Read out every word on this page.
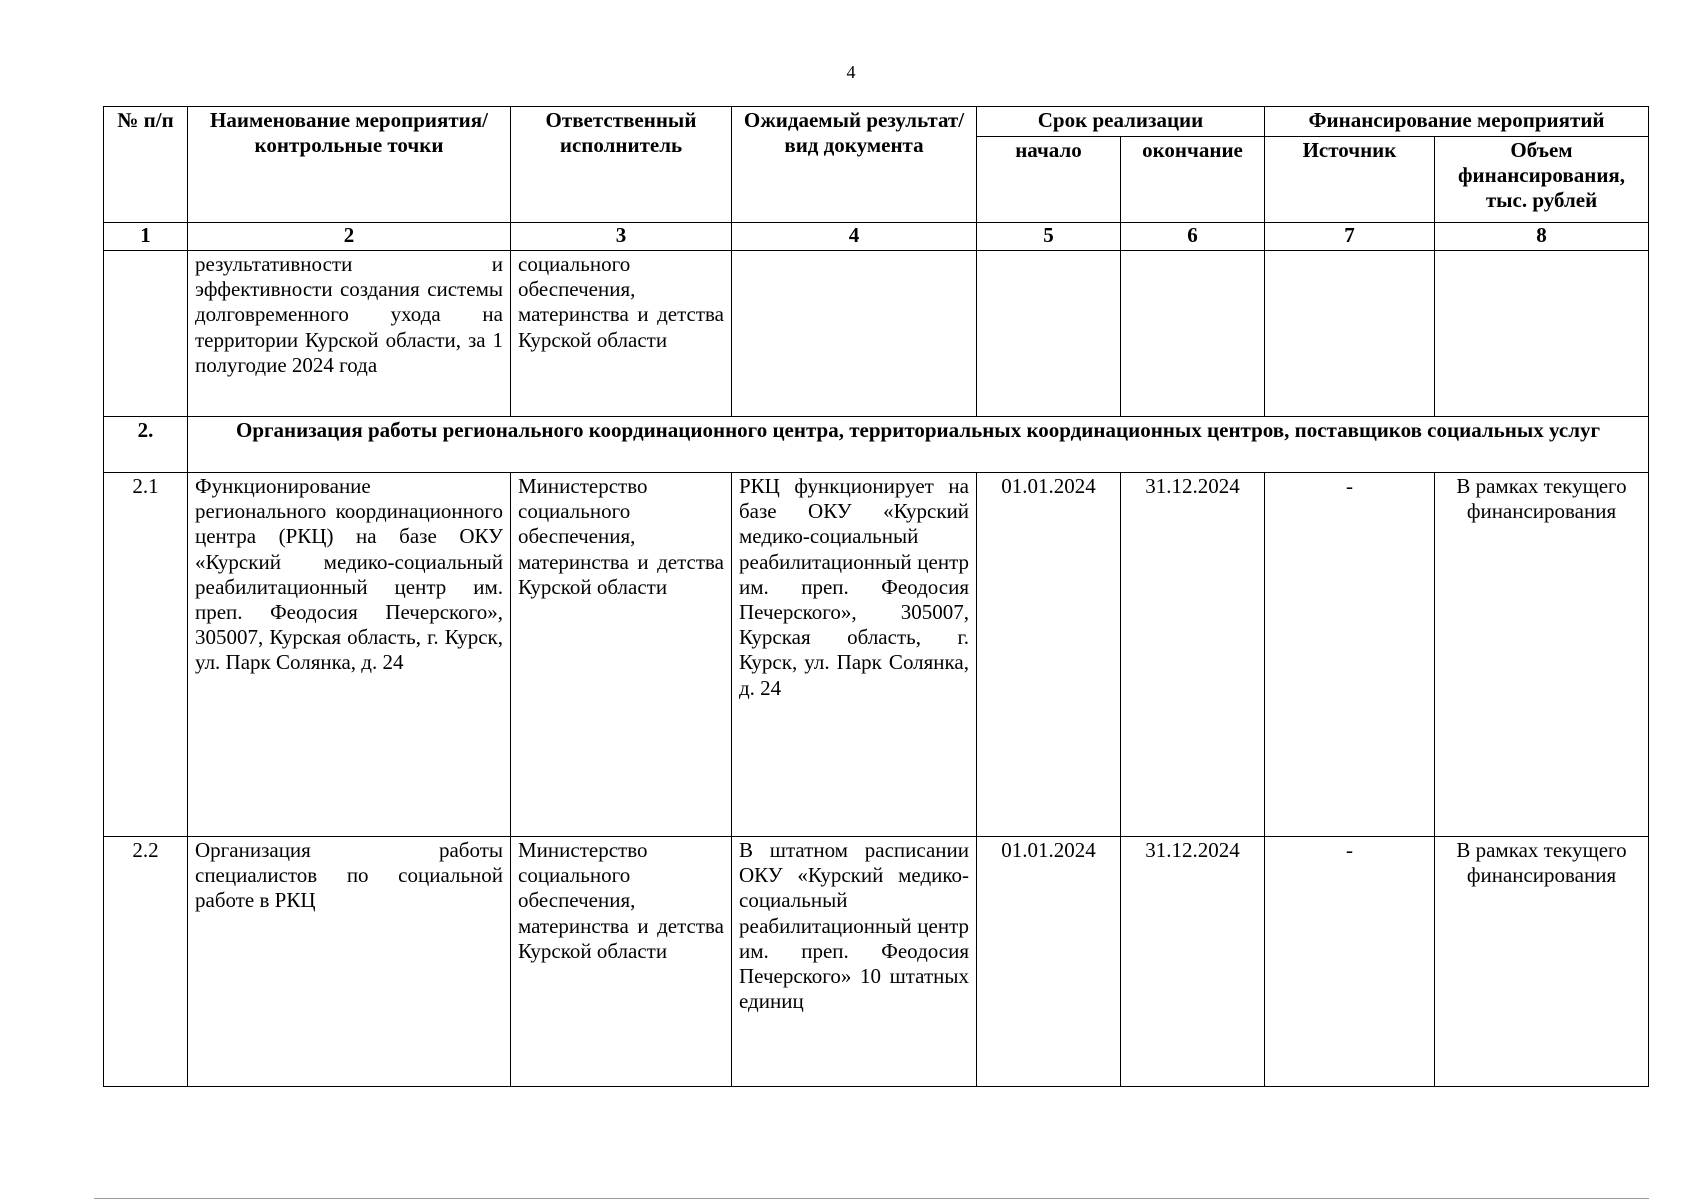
4
№ п/п	Наименование мероприятия/контрольные точки	Ответственный исполнитель	Ожидаемый результат/вид документа	Срок реализации		Финансирование мероприятий	
				начало	окончание	Источник	Объем финансирования, тыс. рублей
1	2	3	4	5	6	7	8
	результативности и эффективности создания системы долговременного ухода на территории Курской области, за 1 полугодие 2024 года	социального обеспечения, материнства и детства Курской области					
2.	Организация работы регионального координационного центра, территориальных координационных центров, поставщиков социальных услуг						
2.1	Функционирование регионального координационного центра (РКЦ) на базе ОКУ «Курский медико-социальный реабилитационный центр им. преп. Феодосия Печерского», 305007, Курская область, г. Курск, ул. Парк Солянка, д. 24	Министерство социального обеспечения, материнства и детства Курской области	РКЦ функционирует на базе ОКУ «Курский медико-социальный реабилитационный центр им. преп. Феодосия Печерского», 305007, Курская область, г. Курск, ул. Парк Солянка, д. 24	01.01.2024	31.12.2024	-	В рамках текущего финансирования
2.2	Организация работы специалистов по социальной работе в РКЦ	Министерство социального обеспечения, материнства и детства Курской области	В штатном расписании ОКУ «Курский медико-социальный реабилитационный центр им. преп. Феодосия Печерского» 10 штатных единиц	01.01.2024	31.12.2024	-	В рамках текущего финансирования
